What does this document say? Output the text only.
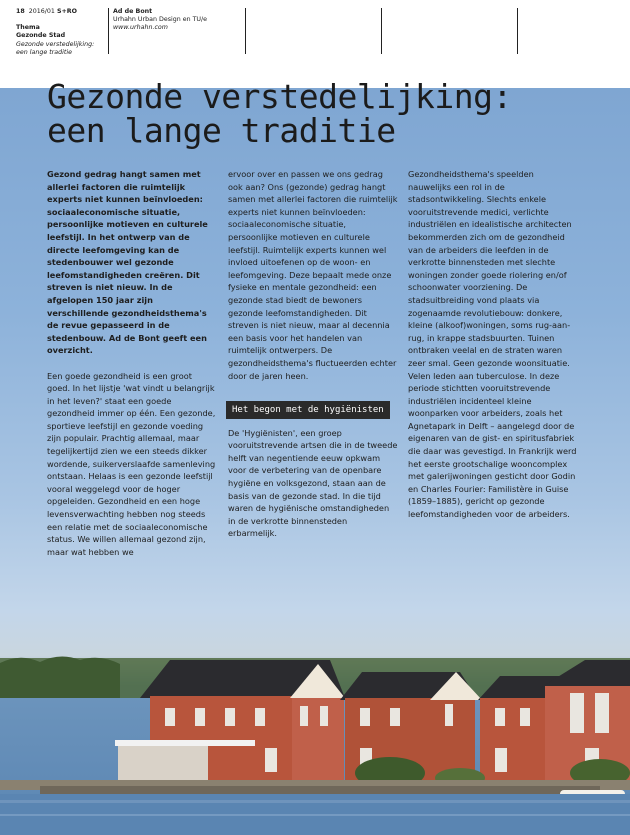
18 2016/01 S+RO
Thema
Gezonde Stad
Gezonde verstedelijking:
een lange traditie
Ad de Bont
Urhahn Urban Design en TU/e
www.urhahn.com
Gezonde verstedelijking:
een lange traditie

Gezond gedrag hangt samen met allerlei factoren die ruimtelijk experts niet kunnen beïnvloeden: sociaaleconomische situatie, persoonlijke motieven en culturele leefstijl. In het ontwerp van de directe leefomgeving kan de stedenbouwer wel gezonde leefomstandigheden creëren. Dit streven is niet nieuw. In de afgelopen 150 jaar zijn verschillende gezondheidsthema's de revue gepasseerd in de stedenbouw. Ad de Bont geeft een overzicht.

Een goede gezondheid is een groot goed. In het lijstje 'wat vindt u belangrijk in het leven?' staat een goede gezondheid immer op één. Een gezonde, sportieve leefstijl en gezonde voeding zijn populair. Prachtig allemaal, maar tegelijkertijd zien we een steeds dikker wordende, suikerverslaafde samenleving ontstaan. Helaas is een gezonde leefstijl vooral weggelegd voor de hoger opgeleiden. Gezondheid en een hoge levensverwachting hebben nog steeds een relatie met de sociaaleconomische status. We willen allemaal gezond zijn, maar wat hebben we

ervoor over en passen we ons gedrag ook aan? Ons (gezonde) gedrag hangt samen met allerlei factoren die ruimtelijk experts niet kunnen beïnvloeden: sociaaleconomische situatie, persoonlijke motieven en culturele leefstijl. Ruimtelijk experts kunnen wel invloed uitoefenen op de woon- en leefomgeving. Deze bepaalt mede onze fysieke en mentale gezondheid: een gezonde stad biedt de bewoners gezonde leefomstandigheden. Dit streven is niet nieuw, maar al decennia een basis voor het handelen van ruimtelijk ontwerpers. De gezondheidsthema's fluctueerden echter door de jaren heen.

Het begon met de hygiënisten

De 'Hygiënisten', een groep vooruitstrevende artsen die in de tweede helft van negentiende eeuw opkwam voor de verbetering van de openbare hygiëne en volksgezond, staan aan de basis van de gezonde stad. In die tijd waren de hygiënische omstandigheden in de verkrotte binnensteden erbarmelijk.

Gezondheidsthema's speelden nauwelijks een rol in de stadsontwikkeling. Slechts enkele vooruitstrevende medici, verlichte industriëlen en idealistische architecten bekommerden zich om de gezondheid van de arbeiders die leefden in de verkrotte binnensteden met slechte woningen zonder goede riolering en/of schoonwater voorziening. De stadsuitbreiding vond plaats via zogenaamde revolutiebouw: donkere, kleine (alkoof)woningen, soms rug-aan-rug, in krappe stadsbuurten. Tuinen ontbraken veelal en de straten waren zeer smal. Geen gezonde woonsituatie. Velen leden aan tuberculose. In deze periode stichtten vooruitstrevende industriëlen incidenteel kleine woonparken voor arbeiders, zoals het Agnetapark in Delft – aangelegd door de eigenaren van de gist- en spiritusfabriek die daar was gevestigd. In Frankrijk werd het eerste grootschalige wooncomplex met galerijwoningen gesticht door Godin en Charles Fourier: Familistère in Guise (1859–1885), gericht op gezonde leefomstandigheden voor de arbeiders.
